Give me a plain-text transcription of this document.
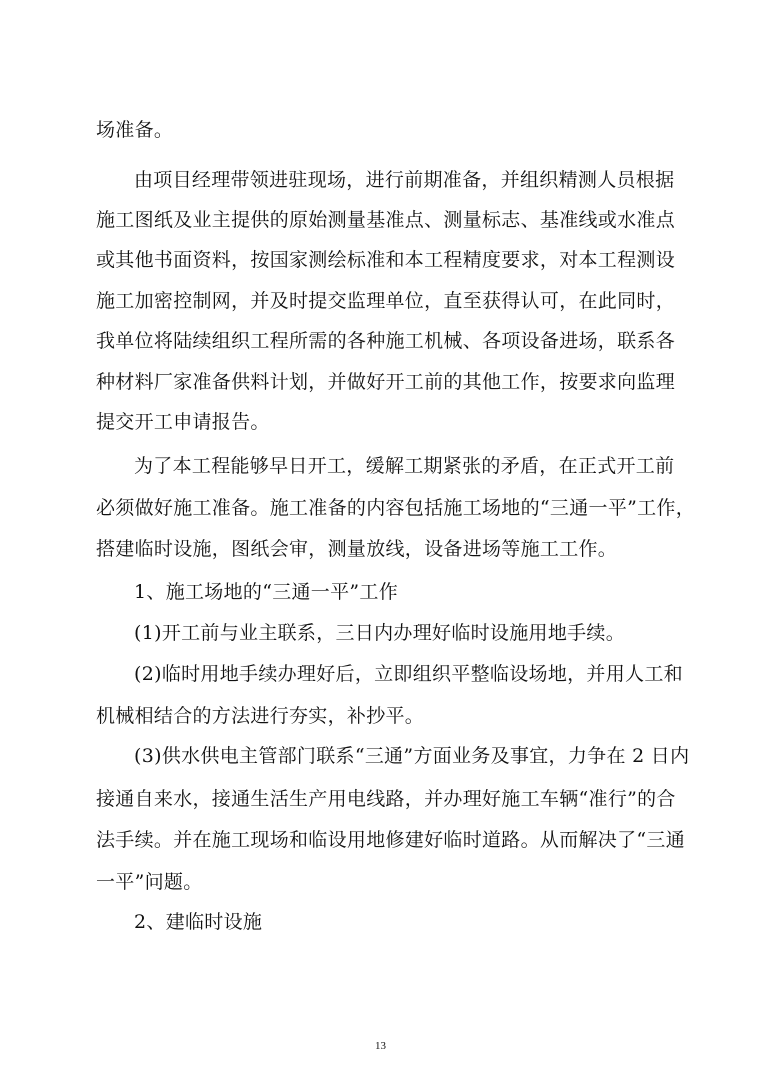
场准备。
由项目经理带领进驻现场，进行前期准备，并组织精测人员根据
施工图纸及业主提供的原始测量基准点、测量标志、基准线或水准点
或其他书面资料，按国家测绘标准和本工程精度要求，对本工程测设
施工加密控制网，并及时提交监理单位，直至获得认可，在此同时，
我单位将陆续组织工程所需的各种施工机械、各项设备进场，联系各
种材料厂家准备供料计划，并做好开工前的其他工作，按要求向监理
提交开工申请报告。
为了本工程能够早日开工，缓解工期紧张的矛盾，在正式开工前
必须做好施工准备。施工准备的内容包括施工场地的“三通一平”工作，
搭建临时设施，图纸会审，测量放线，设备进场等施工工作。
1、施工场地的“三通一平”工作
(1)开工前与业主联系，三日内办理好临时设施用地手续。
(2)临时用地手续办理好后，立即组织平整临设场地，并用人工和
机械相结合的方法进行夯实，补抄平。
(3)供水供电主管部门联系“三通”方面业务及事宜，力争在 2 日内
接通自来水，接通生活生产用电线路，并办理好施工车辆“准行”的合
法手续。并在施工现场和临设用地修建好临时道路。从而解决了“三通
一平”问题。
2、建临时设施
13
